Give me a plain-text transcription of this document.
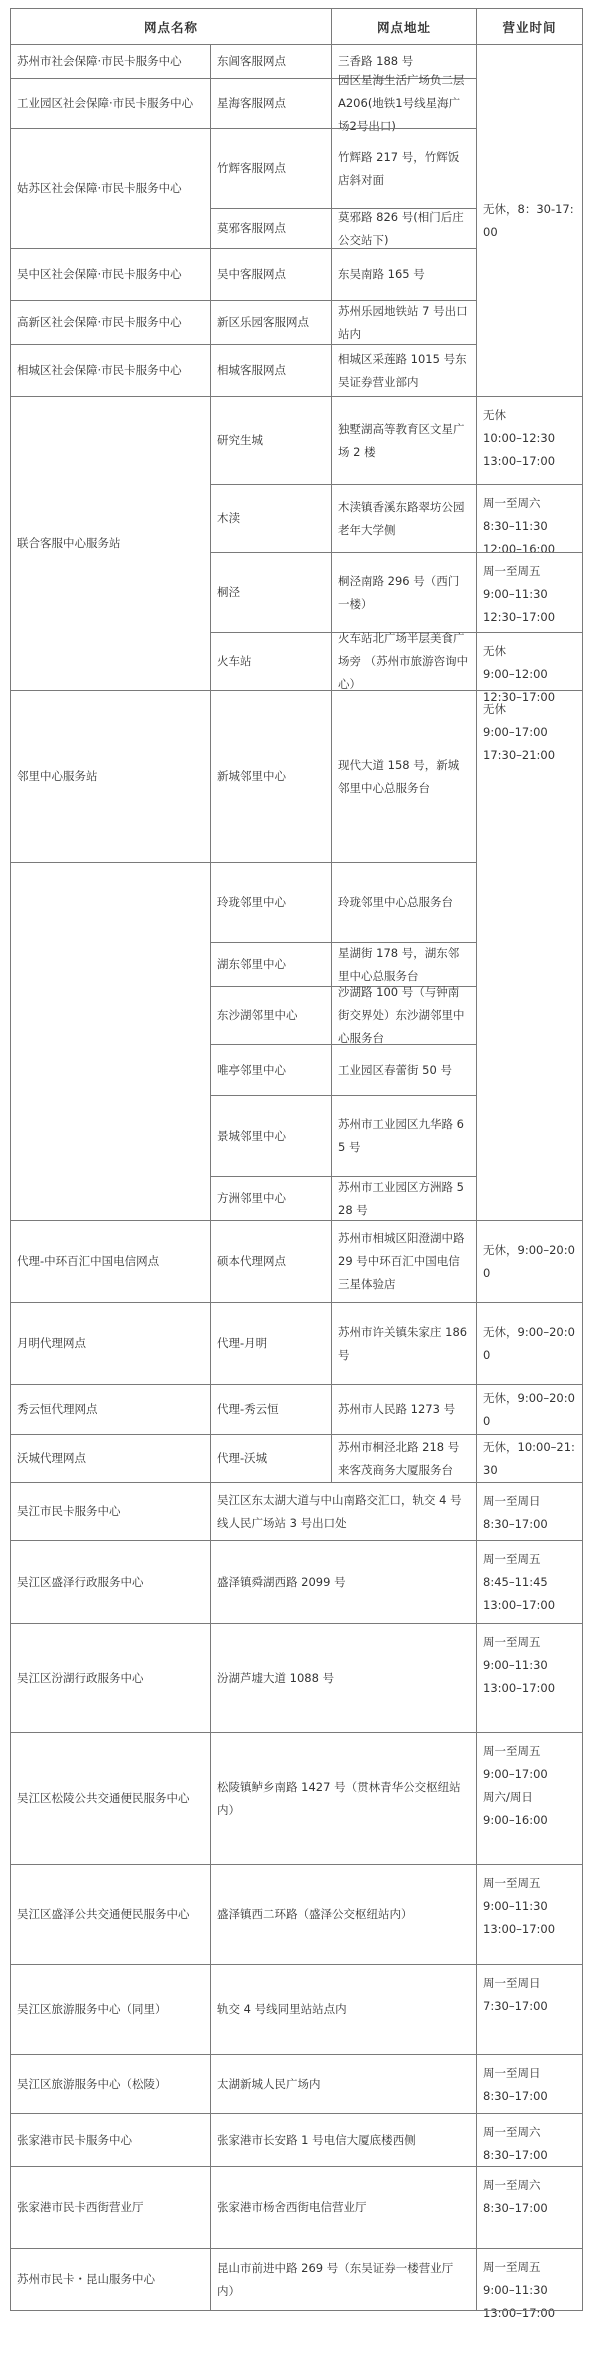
网点名称	网点地址	营业时间
苏州市社会保障·市民卡服务中心
工业园区社会保障·市民卡服务中心
姑苏区社会保障·市民卡服务中心
吴中区社会保障·市民卡服务中心
高新区社会保障·市民卡服务中心
相城区社会保障·市民卡服务中心
联合客服中心服务站
邻里中心服务站
代理-中环百汇中国电信网点
月明代理网点
秀云恒代理网点
沃城代理网点
吴江市民卡服务中心
吴江区盛泽行政服务中心
吴江区汾湖行政服务中心
吴江区松陵公共交通便民服务中心
吴江区盛泽公共交通便民服务中心
吴江区旅游服务中心（同里）
吴江区旅游服务中心（松陵）
张家港市民卡服务中心
张家港市民卡西街营业厅
苏州市民卡・昆山服务中心
东阊客服网点
星海客服网点
竹辉客服网点
莫邪客服网点
吴中客服网点
新区乐园客服网点
相城客服网点
研究生城
木渎
桐泾
火车站
新城邻里中心
玲珑邻里中心
湖东邻里中心
东沙湖邻里中心
唯亭邻里中心
景城邻里中心
方洲邻里中心
硕本代理网点
代理-月明
代理-秀云恒
代理-沃城
三香路 188 号
园区星海生活广场负二层A206(地铁1号线星海广场2号出口)
竹辉路 217 号，竹辉饭店斜对面
莫邪路 826 号(相门后庄公交站下)
东吴南路 165 号
苏州乐园地铁站 7 号出口站内
相城区采莲路 1015 号东吴证券营业部内
独墅湖高等教育区文星广场 2 楼
木渎镇香溪东路翠坊公园老年大学侧
桐泾南路 296 号（西门一楼）
火车站北广场半层美食广场旁 （苏州市旅游咨询中心）
现代大道 158 号，新城邻里中心总服务台
玲珑邻里中心总服务台
星湖街 178 号，湖东邻里中心总服务台
沙湖路 100 号（与钟南街交界处）东沙湖邻里中心服务台
工业园区春蕾街 50 号
苏州市工业园区九华路 65 号
苏州市工业园区方洲路 528 号
苏州市相城区阳澄湖中路 29 号中环百汇中国电信三星体验店
苏州市许关镇朱家庄 186 号
苏州市人民路 1273 号
苏州市桐泾北路 218 号来客茂商务大厦服务台
吴江区东太湖大道与中山南路交汇口，轨交 4 号线人民广场站 3 号出口处
盛泽镇舜湖西路 2099 号
汾湖芦墟大道 1088 号
松陵镇鲈乡南路 1427 号（贯林青华公交枢纽站内）
盛泽镇西二环路（盛泽公交枢纽站内）
轨交 4 号线同里站站点内
太湖新城人民广场内
张家港市长安路 1 号电信大厦底楼西侧
张家港市杨舍西街电信营业厅
昆山市前进中路 269 号（东吴证券一楼营业厅内）
无休，8：30-17:00
无休
10:00–12:30
13:00–17:00
周一至周六
8:30–11:30
12:00–16:00
周一至周五
9:00–11:30
12:30–17:00
无休
9:00–12:00
12:30–17:00
无休
9:00–17:00
17:30–21:00
无休，9:00–20:00
无休，9:00–20:00
无休，9:00–20:00
无休，10:00–21:30
周一至周日
8:30–17:00
周一至周五
8:45–11:45
13:00–17:00
周一至周五
9:00–11:30
13:00–17:00
周一至周五
9:00–17:00
周六/周日
9:00–16:00
周一至周五
9:00–11:30
13:00–17:00
周一至周日
7:30–17:00
周一至周日
8:30–17:00
周一至周六
8:30–17:00
周一至周六
8:30–17:00
周一至周五
9:00–11:30
13:00–17:00
